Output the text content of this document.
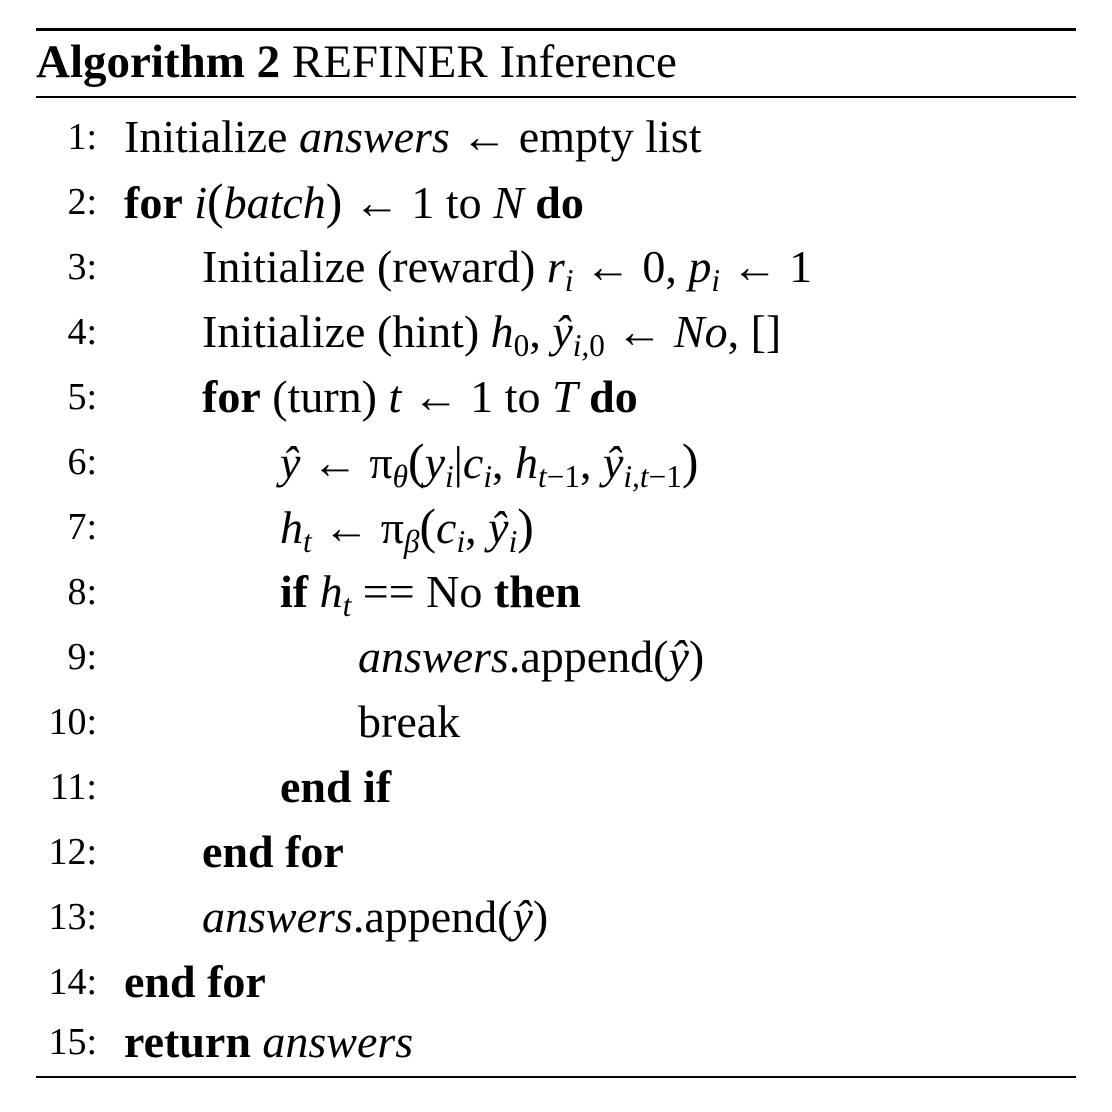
Algorithm 2 REFINER Inference
1: Initialize answers ← empty list
2: for i(batch) ← 1 to N do
3: Initialize (reward) $r_i$ ← 0, $p_i$ ← 1
4: Initialize (hint) $h_0$, $ŷ_{i,0}$ ← No, []
5: for (turn) t ← 1 to T do
6:	ŷ ← $\pi_\theta(y_i|c_i$, $h_{t-1}$, $ŷ_{i,t-1}$)
7:	$h_t$ ← $\pi_\beta(c_i$, $ŷ_i$)
8:	if $h_t == No$ then
9:	answers.append(ŷ)
10:	break
11:	end if
12: end for
13: answers.append(ŷ)
14: end for
15: return answers
